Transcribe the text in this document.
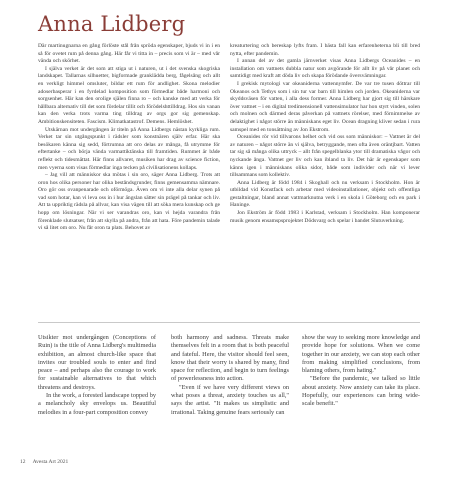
Anna Lidberg

Där martinugnarna en gång förlöste stål från spröda egenskaper, bjuds vi in i en så för ovetet rum på denna gång. Här får vi titta in – precis som vi är – med vår vända och skörhet.

I själva verket är det som att stiga ut i naturen, ut i det svenska skogriska landskapet. Tallarnas silhuetter, bigformade granklädda berg, fågelsång och allt en verkligt himmel omsluter, bildar ett rum för andlighet. Skona melodier adoserbasperar i en fyrdelad komposition som förmedlar både harmoni och sorgsenhet. Här kan den orolige själen finna ro – och kanske med att verka för hållbara alternativ till det som fördelar tillit och förödelshttilldrag. Hos sin vanan kan den verka trots varma ting tilldrag av orgs gor sig gemenskap. Ambitionskensiteten. Fascism. Klimatkatastrof. Demens. Hemlöshet.

Utskärnan mot undergången är titeln på Anna Lidbergs nästan kyrkliga rum. Verket tar sin utgångspunkt i rädsler som konstnären själv erfar. Här ska besökaren känna sig sedd, förtrumna att oro delas av många, få utrymme för eftertanke – och börja vända varmattiktänska till framtiden. Rummet är både reflekt och tidesmättat. Här finns allvaret, musiken har drag av science fiction, men vyerna som visas förmedlar inga tecken på civilisationens kollaps.

– Jag vill att människor ska mötas i sin oro, säger Anna Lidberg. Trots att oron hos olika personer har olika beståndsgrunder, finns gemensamma nämnare. Oro gör oss ovanpenarade och oförmöga. Även om vi inte alla delar synen på vad som hotar, kan vi leva oss in i hur ängslan sätter sin prägel på tankar och liv. Att ta uppriktig rädsla på allvar, kan visa vägen till att söka mera kunskap och ge hopp om lösningar. När vi ser varandras oro, kan vi hejda varandra från förenklade slutsatser, från att skylla på andra, från att hata. Före pandemin talade vi så litet om oro. Nu får oron ta plats. Behovet av

kreaturtering och bereskap lyfts fram. I bästa fall kan erfarenheterna bli till bred nytta, efter pandemin.

I annan del av det gamla järnverket visas Anna Lidbergs Oceanides – en installation om vattnets dubbla natur som avgörande för allt liv på vår planet och samtidigt med kraft att döda liv och skapa förödande översvämningar.

I grekisk mytologi var okeaniderna vattennymfer. De var tre tusen döttrar till Okeanos och Tethys som i sin tur var barn till himlen och jorden. Okeaniderna var skyddsväsen för vatten, i alla dess former. Anna Lidberg har gjort sig till härskare över vattnet – i en digital tredimensionell vattensimulator har hon styrt vinden, solen och molnen och därmed deras påverkan på vattnets rörelser, med förnimmelse av delaktighet i något större än människans eget liv. Ocean dragning kliver sedan i rura samspel med en tonsättning av Jon Ekstrom.

Oceanides rör vid tillvarons helhet och vid oss som människor: – Vattnet är del av naturen – något större än vi själva, betryggande, men ofta även oräntjbart. Vatten tar sig så många olika uttryck – allt från spegelblanka ytor till dramatiska vågor och nyckande ånga. Vattnet ger liv och kan ibland ta liv. Det här är egenskaper som känns igen i människans olika sidor, både som individer och när vi lever tillsammans som kollektiv.

Anna Lidberg är född 1984 i Skoghall och nu verksam i Stockholm. Hon är utbildad vid Konstfack och arbetar med videoinstallationer, objekt och offentliga gestaltningar, bland annat vattmarknutna verk i en skola i Göteborg och en park i Haninge.

Jon Ekström är född 1983 i Karlstad, verksam i Stockholm. Han komponerar musik genom ensamspsprojektet Dödsvarg och spelar i bandet Slutuverkning.

Utsikter mot undergången (Conceptions of Ruin) is the title of Anna Lidberg's multimedia exhibition, an almost church-like space that invites our troubled souls to enter and find peace – and perhaps also the courage to work for sustainable alternatives to that which threatens and destroys.

In the work, a forested landscape topped by a melancholy sky envelops us. Beautiful melodies in a four-part composition convey

both harmony and sadness. Threats make themselves felt in a room that is both peaceful and fateful. Here, the visitor should feel seen, know that their worry is shared by many, find space for reflection, and begin to turn feelings of powerlessness into action.

"Even if we have very different views on what poses a threat, anxiety touches us all," says the artist. "It makes us simplistic and irrational. Taking genuine fears seriously can

show the way to seeking more knowledge and provide hope for solutions. When we come together in our anxiety, we can stop each other from making simplified conclusions, from blaming others, from hating."

"Before the pandemic, we talked so little about anxiety. Now anxiety can take its place. Hopefully, our experiences can bring wide-scale benefit."

12 Avesta Art 2021
